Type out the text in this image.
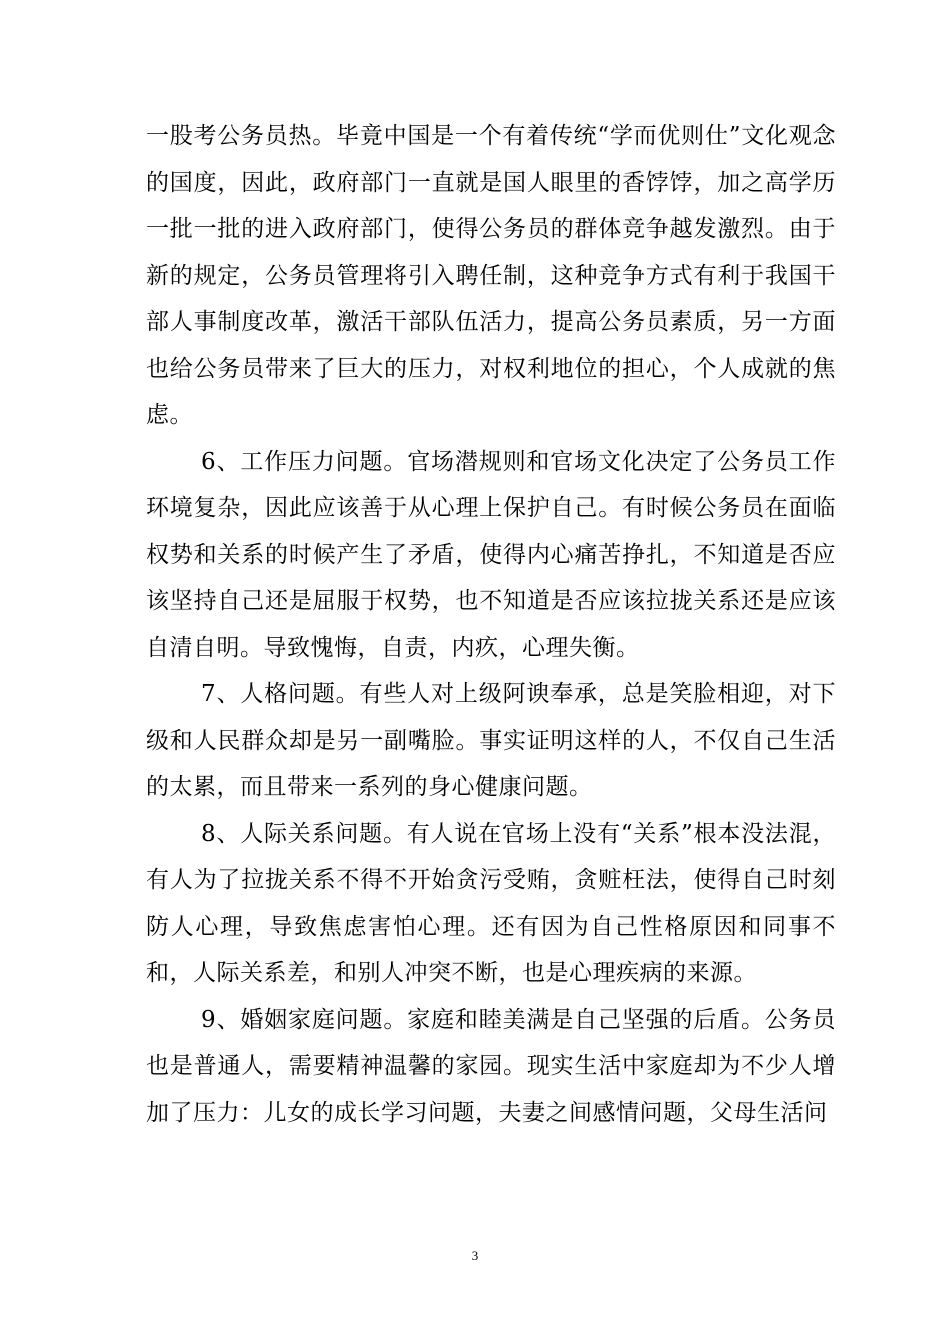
一股考公务员热。毕竟中国是一个有着传统“学而优则仕”文化观念的国度，因此，政府部门一直就是国人眼里的香饽饽，加之高学历一批一批的进入政府部门，使得公务员的群体竞争越发激烈。由于新的规定，公务员管理将引入聘任制，这种竞争方式有利于我国干部人事制度改革，激活干部队伍活力，提高公务员素质，另一方面也给公务员带来了巨大的压力，对权利地位的担心，个人成就的焦虑。

6、工作压力问题。官场潜规则和官场文化决定了公务员工作环境复杂，因此应该善于从心理上保护自己。有时候公务员在面临权势和关系的时候产生了矛盾，使得内心痛苦挣扎，不知道是否应该坚持自己还是屈服于权势，也不知道是否应该拉拢关系还是应该自清自明。导致愧悔，自责，内疚，心理失衡。

7、人格问题。有些人对上级阿谀奉承，总是笑脸相迎，对下级和人民群众却是另一副嘴脸。事实证明这样的人，不仅自己生活的太累，而且带来一系列的身心健康问题。

8、人际关系问题。有人说在官场上没有“关系”根本没法混，有人为了拉拢关系不得不开始贪污受贿，贪赃枉法，使得自己时刻防人心理，导致焦虑害怕心理。还有因为自己性格原因和同事不和，人际关系差，和别人冲突不断，也是心理疾病的来源。

9、婚姻家庭问题。家庭和睦美满是自己坚强的后盾。公务员也是普通人，需要精神温馨的家园。现实生活中家庭却为不少人增加了压力：儿女的成长学习问题，夫妻之间感情问题，父母生活问

3
